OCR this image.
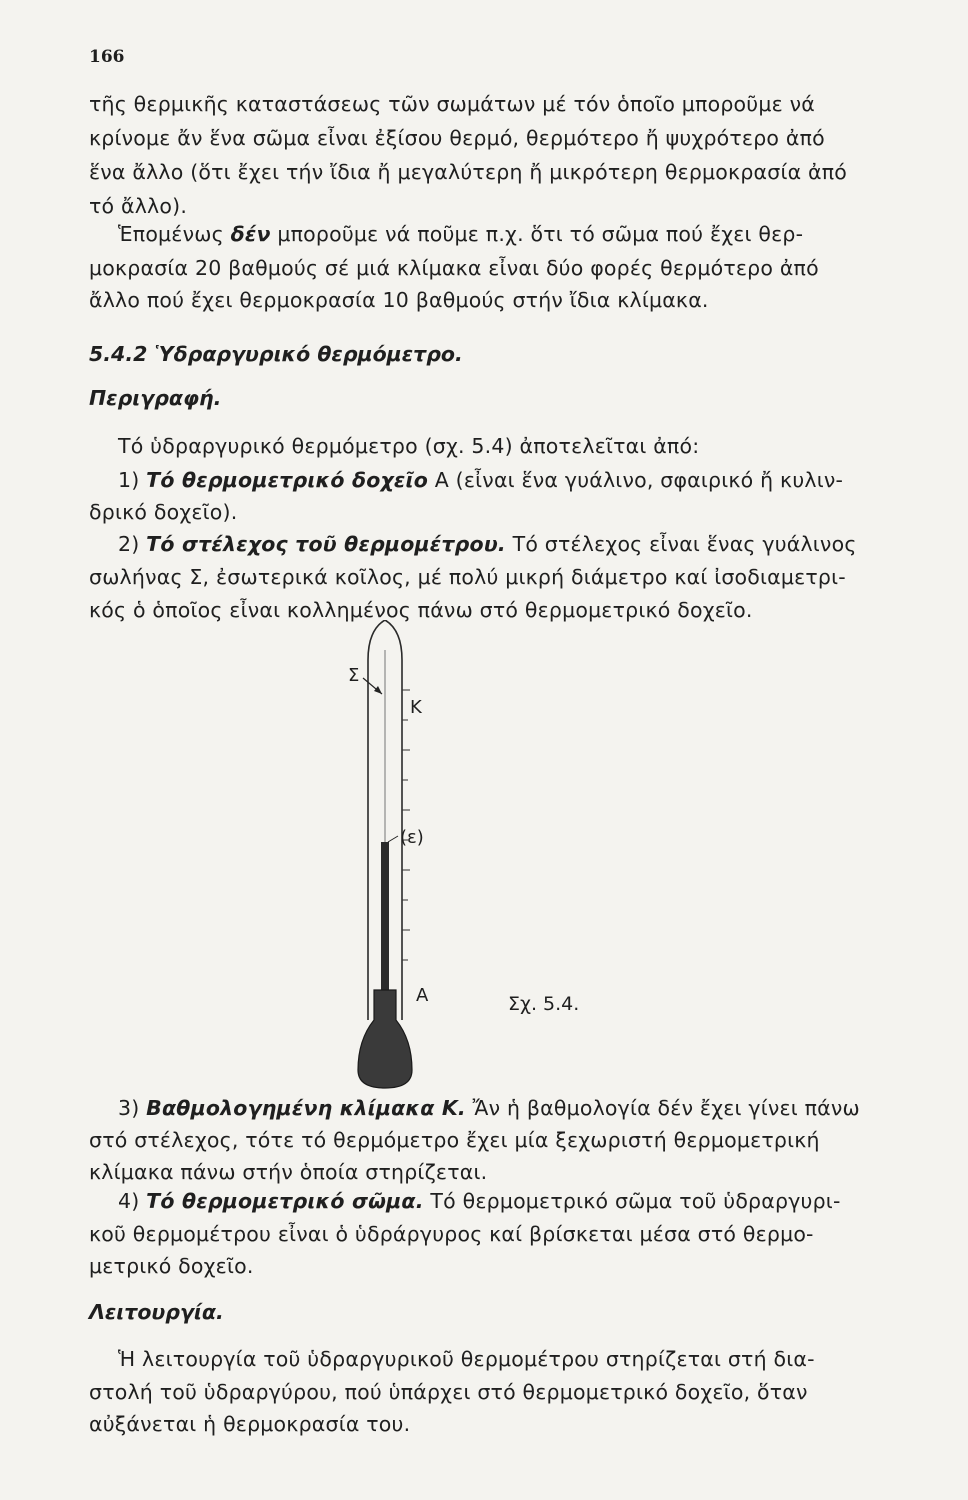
166
τῆς θερμικῆς καταστάσεως τῶν σωμάτων μέ τόν ὁποῖο μποροῦμε νά
κρίνομε ἄν ἕνα σῶμα εἶναι ἐξίσου θερμό, θερμότερο ἤ ψυχρότερο ἀπό
ἕνα ἄλλο (ὅτι ἔχει τήν ἴδια ἤ μεγαλύτερη ἤ μικρότερη θερμοκρασία ἀπό
τό ἄλλο).
Ἑπομένως δέν μποροῦμε νά ποῦμε π.χ. ὅτι τό σῶμα πού ἔχει θερ-
μοκρασία 20 βαθμούς σέ μιά κλίμακα εἶναι δύο φορές θερμότερο ἀπό
ἄλλο πού ἔχει θερμοκρασία 10 βαθμούς στήν ἴδια κλίμακα.
5.4.2 Ὑδραργυρικό θερμόμετρο.
Περιγραφή.
Τό ὑδραργυρικό θερμόμετρο (σχ. 5.4) ἀποτελεῖται ἀπό:
1) Τό θερμομετρικό δοχεῖο Α (εἶναι ἕνα γυάλινο, σφαιρικό ἤ κυλιν-
δρικό δοχεῖο).
2) Τό στέλεχος τοῦ θερμομέτρου. Τό στέλεχος εἶναι ἕνας γυάλινος
σωλήνας Σ, ἐσωτερικά κοῖλος, μέ πολύ μικρή διάμετρο καί ἰσοδιαμετρι-
κός ὁ ὁποῖος εἶναι κολλημένος πάνω στό θερμομετρικό δοχεῖο.
Σ
Κ
(ε)
Α	Σχ. 5.4.
3) Βαθμολογημένη κλίμακα Κ. Ἄν ἡ βαθμολογία δέν ἔχει γίνει πάνω
στό στέλεχος, τότε τό θερμόμετρο ἔχει μία ξεχωριστή θερμομετρική
κλίμακα πάνω στήν ὁποία στηρίζεται.
4) Τό θερμομετρικό σῶμα. Τό θερμομετρικό σῶμα τοῦ ὑδραργυρι-
κοῦ θερμομέτρου εἶναι ὁ ὑδράργυρος καί βρίσκεται μέσα στό θερμο-
μετρικό δοχεῖο.
Λειτουργία.
Ἡ λειτουργία τοῦ ὑδραργυρικοῦ θερμομέτρου στηρίζεται στή δια-
στολή τοῦ ὑδραργύρου, πού ὑπάρχει στό θερμομετρικό δοχεῖο, ὅταν
αὐξάνεται ἡ θερμοκρασία του.
